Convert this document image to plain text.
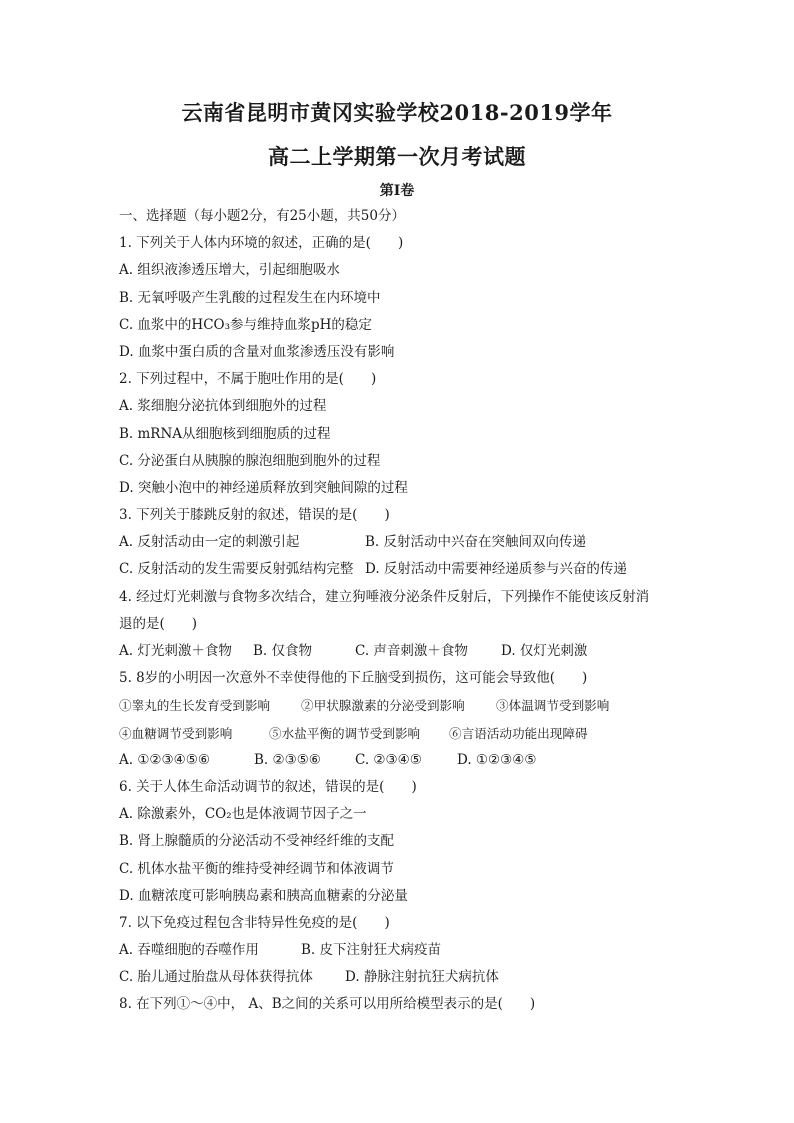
云南省昆明市黄冈实验学校2018-2019学年
高二上学期第一次月考试题
第Ⅰ卷
一、选择题（每小题2分，有25小题，共50分）
1. 下列关于人体内环境的叙述，正确的是(　　)
A. 组织液渗透压增大，引起细胞吸水
B. 无氧呼吸产生乳酸的过程发生在内环境中
C. 血浆中的HCO₃参与维持血浆pH的稳定
D. 血浆中蛋白质的含量对血浆渗透压没有影响
2. 下列过程中，不属于胞吐作用的是(　　)
A. 浆细胞分泌抗体到细胞外的过程
B. mRNA从细胞核到细胞质的过程
C. 分泌蛋白从胰腺的腺泡细胞到胞外的过程
D. 突触小泡中的神经递质释放到突触间隙的过程
3. 下列关于膝跳反射的叙述，错误的是(　　)
A. 反射活动由一定的刺激引起	B. 反射活动中兴奋在突触间双向传递
C. 反射活动的发生需要反射弧结构完整 D. 反射活动中需要神经递质参与兴奋的传递
4. 经过灯光刺激与食物多次结合，建立狗唾液分泌条件反射后，下列操作不能使该反射消
退的是(　　)
A. 灯光刺激＋食物 B. 仅食物	C. 声音刺激＋食物 D. 仅灯光刺激
5. 8岁的小明因一次意外不幸使得他的下丘脑受到损伤，这可能会导致他(　　)
①睾丸的生长发育受到影响 ②甲状腺激素的分泌受到影响 ③体温调节受到影响
④血糖调节受到影响	⑤水盐平衡的调节受到影响 ⑥言语活动功能出现障碍
A. ①②③④⑤⑥	B. ②③⑤⑥	C. ②③④⑤	D. ①②③④⑤
6. 关于人体生命活动调节的叙述，错误的是(　　)
A. 除激素外，CO₂也是体液调节因子之一
B. 肾上腺髓质的分泌活动不受神经纤维的支配
C. 机体水盐平衡的维持受神经调节和体液调节
D. 血糖浓度可影响胰岛素和胰高血糖素的分泌量
7. 以下免疫过程包含非特异性免疫的是(　　)
A. 吞噬细胞的吞噬作用	B. 皮下注射狂犬病疫苗
C. 胎儿通过胎盘从母体获得抗体 D. 静脉注射抗狂犬病抗体
8. 在下列①～④中， A、B之间的关系可以用所给模型表示的是(　　)
